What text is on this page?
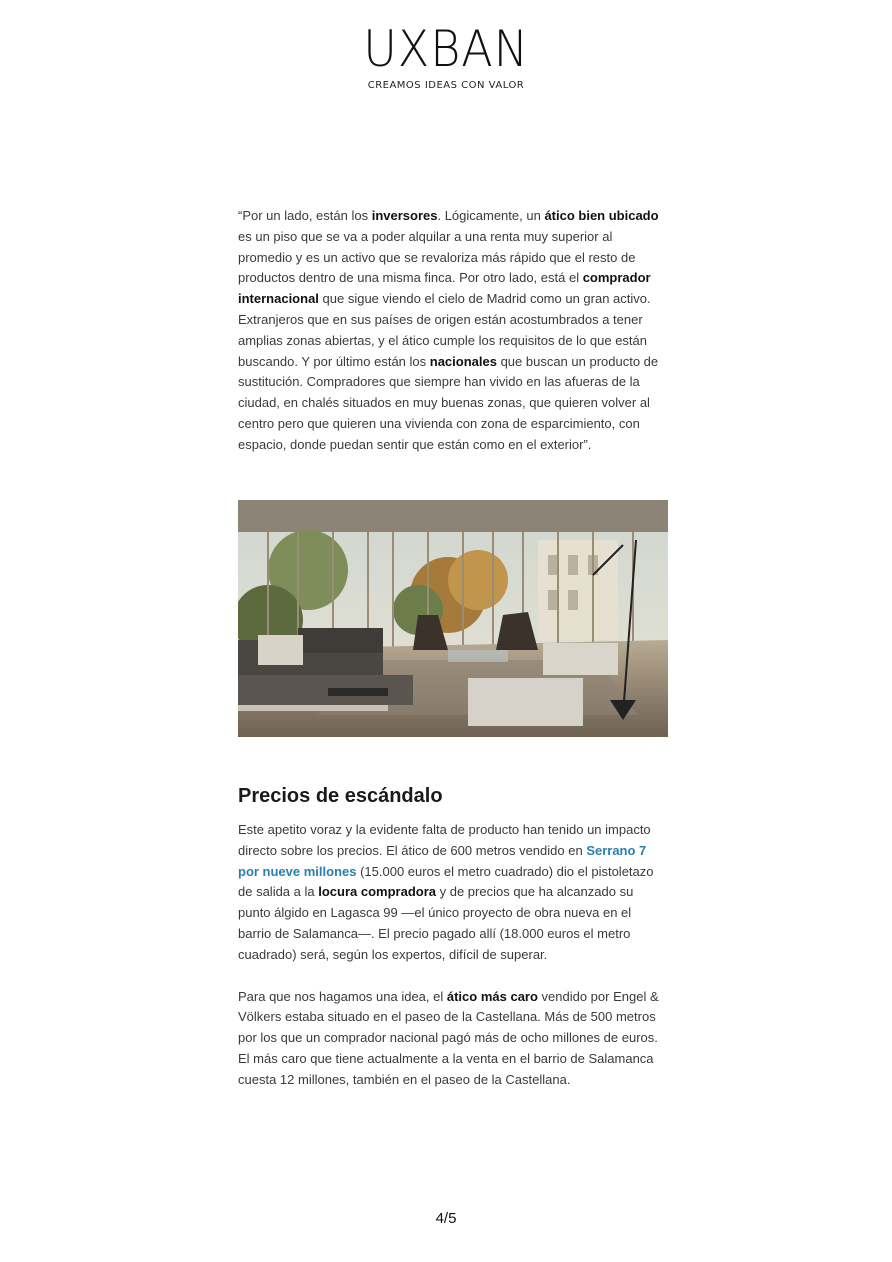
UXBAN
CREAMOS IDEAS CON VALOR

“Por un lado, están los inversores. Lógicamente, un ático bien ubicado es un piso que se va a poder alquilar a una renta muy superior al promedio y es un activo que se revaloriza más rápido que el resto de productos dentro de una misma finca. Por otro lado, está el comprador internacional que sigue viendo el cielo de Madrid como un gran activo. Extranjeros que en sus países de origen están acostumbrados a tener amplias zonas abiertas, y el ático cumple los requisitos de lo que están buscando. Y por último están los nacionales que buscan un producto de sustitución. Compradores que siempre han vivido en las afueras de la ciudad, en chalés situados en muy buenas zonas, que quieren volver al centro pero que quieren una vivienda con zona de esparcimiento, con espacio, donde puedan sentir que están como en el exterior”.

Precios de escándalo

Este apetito voraz y la evidente falta de producto han tenido un impacto directo sobre los precios. El ático de 600 metros vendido en Serrano 7 por nueve millones (15.000 euros el metro cuadrado) dio el pistoletazo de salida a la locura compradora y de precios que ha alcanzado su punto álgido en Lagasca 99 —el único proyecto de obra nueva en el barrio de Salamanca—. El precio pagado allí (18.000 euros el metro cuadrado) será, según los expertos, difícil de superar.

Para que nos hagamos una idea, el ático más caro vendido por Engel & Völkers estaba situado en el paseo de la Castellana. Más de 500 metros por los que un comprador nacional pagó más de ocho millones de euros. El más caro que tiene actualmente a la venta en el barrio de Salamanca cuesta 12 millones, también en el paseo de la Castellana.

4/5
